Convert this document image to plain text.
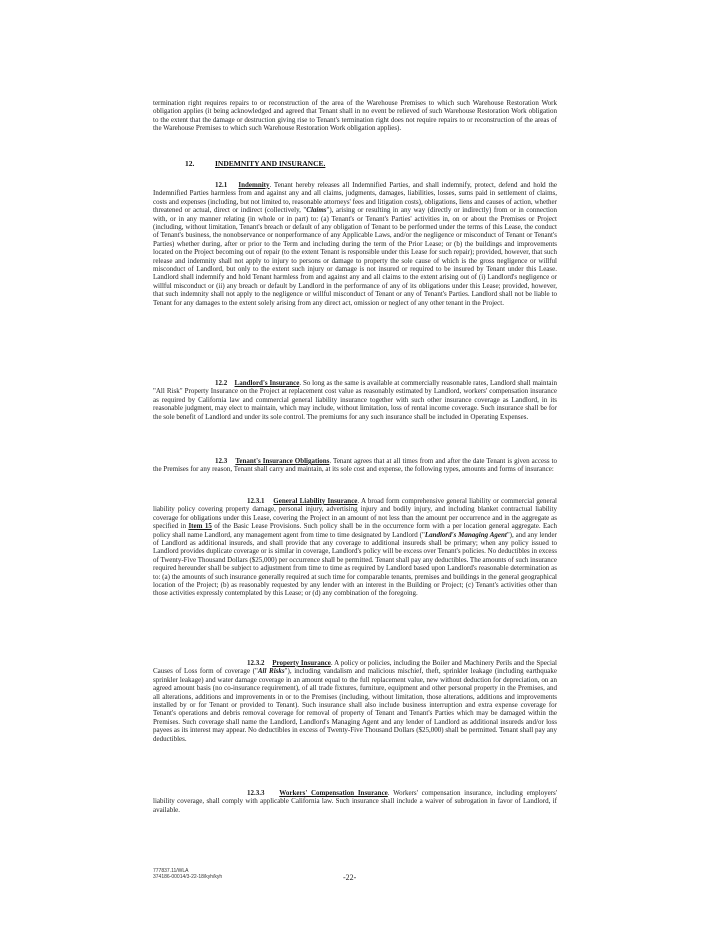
termination right requires repairs to or reconstruction of the area of the Warehouse Premises to which such Warehouse Restoration Work obligation applies (it being acknowledged and agreed that Tenant shall in no event be relieved of such Warehouse Restoration Work obligation to the extent that the damage or destruction giving rise to Tenant's termination right does not require repairs to or reconstruction of the areas of the Warehouse Premises to which such Warehouse Restoration Work obligation applies).
12.	INDEMNITY AND INSURANCE.
12.1 Indemnity. Tenant hereby releases all Indemnified Parties, and shall indemnify, protect, defend and hold the Indemnified Parties harmless from and against any and all claims, judgments, damages, liabilities, losses, sums paid in settlement of claims, costs and expenses (including, but not limited to, reasonable attorneys' fees and litigation costs), obligations, liens and causes of action, whether threatened or actual, direct or indirect (collectively, "Claims"), arising or resulting in any way (directly or indirectly) from or in connection with, or in any manner relating (in whole or in part) to: (a) Tenant's or Tenant's Parties' activities in, on or about the Premises or Project (including, without limitation, Tenant's breach or default of any obligation of Tenant to be performed under the terms of this Lease, the conduct of Tenant's business, the nonobservance or nonperformance of any Applicable Laws, and/or the negligence or misconduct of Tenant or Tenant's Parties) whether during, after or prior to the Term and including during the term of the Prior Lease; or (b) the buildings and improvements located on the Project becoming out of repair (to the extent Tenant is responsible under this Lease for such repair); provided, however, that such release and indemnity shall not apply to injury to persons or damage to property the sole cause of which is the gross negligence or willful misconduct of Landlord, but only to the extent such injury or damage is not insured or required to be insured by Tenant under this Lease. Landlord shall indemnify and hold Tenant harmless from and against any and all claims to the extent arising out of (i) Landlord's negligence or willful misconduct or (ii) any breach or default by Landlord in the performance of any of its obligations under this Lease; provided, however, that such indemnity shall not apply to the negligence or willful misconduct of Tenant or any of Tenant's Parties. Landlord shall not be liable to Tenant for any damages to the extent solely arising from any direct act, omission or neglect of any other tenant in the Project.
12.2 Landlord's Insurance. So long as the same is available at commercially reasonable rates, Landlord shall maintain "All Risk" Property Insurance on the Project at replacement cost value as reasonably estimated by Landlord, workers' compensation insurance as required by California law and commercial general liability insurance together with such other insurance coverage as Landlord, in its reasonable judgment, may elect to maintain, which may include, without limitation, loss of rental income coverage. Such insurance shall be for the sole benefit of Landlord and under its sole control. The premiums for any such insurance shall be included in Operating Expenses.
12.3 Tenant's Insurance Obligations. Tenant agrees that at all times from and after the date Tenant is given access to the Premises for any reason, Tenant shall carry and maintain, at its sole cost and expense, the following types, amounts and forms of insurance:
12.3.1 General Liability Insurance. A broad form comprehensive general liability or commercial general liability policy covering property damage, personal injury, advertising injury and bodily injury, and including blanket contractual liability coverage for obligations under this Lease, covering the Project in an amount of not less than the amount per occurrence and in the aggregate as specified in Item 15 of the Basic Lease Provisions. Such policy shall be in the occurrence form with a per location general aggregate. Each policy shall name Landlord, any management agent from time to time designated by Landlord ("Landlord's Managing Agent"), and any lender of Landlord as additional insureds, and shall provide that any coverage to additional insureds shall be primary; when any policy issued to Landlord provides duplicate coverage or is similar in coverage, Landlord's policy will be excess over Tenant's policies. No deductibles in excess of Twenty-Five Thousand Dollars ($25,000) per occurrence shall be permitted. Tenant shall pay any deductibles. The amounts of such insurance required hereunder shall be subject to adjustment from time to time as required by Landlord based upon Landlord's reasonable determination as to: (a) the amounts of such insurance generally required at such time for comparable tenants, premises and buildings in the general geographical location of the Project; (b) as reasonably requested by any lender with an interest in the Building or Project; (c) Tenant's activities other than those activities expressly contemplated by this Lease; or (d) any combination of the foregoing.
12.3.2 Property Insurance. A policy or policies, including the Boiler and Machinery Perils and the Special Causes of Loss form of coverage ("All Risks"), including vandalism and malicious mischief, theft, sprinkler leakage (including earthquake sprinkler leakage) and water damage coverage in an amount equal to the full replacement value, new without deduction for depreciation, on an agreed amount basis (no co-insurance requirement), of all trade fixtures, furniture, equipment and other personal property in the Premises, and all alterations, additions and improvements in or to the Premises (including, without limitation, those alterations, additions and improvements installed by or for Tenant or provided to Tenant). Such insurance shall also include business interruption and extra expense coverage for Tenant's operations and debris removal coverage for removal of property of Tenant and Tenant's Parties which may be damaged within the Premises. Such coverage shall name the Landlord, Landlord's Managing Agent and any lender of Landlord as additional insureds and/or loss payees as its interest may appear. No deductibles in excess of Twenty-Five Thousand Dollars ($25,000) shall be permitted. Tenant shall pay any deductibles.
12.3.3 Workers' Compensation Insurance. Workers' compensation insurance, including employers' liability coverage, shall comply with applicable California law. Such insurance shall include a waiver of subrogation in favor of Landlord, if available.
777837.11/WLA
374186-00014/3-22-18/kyh/kyh	-22-
